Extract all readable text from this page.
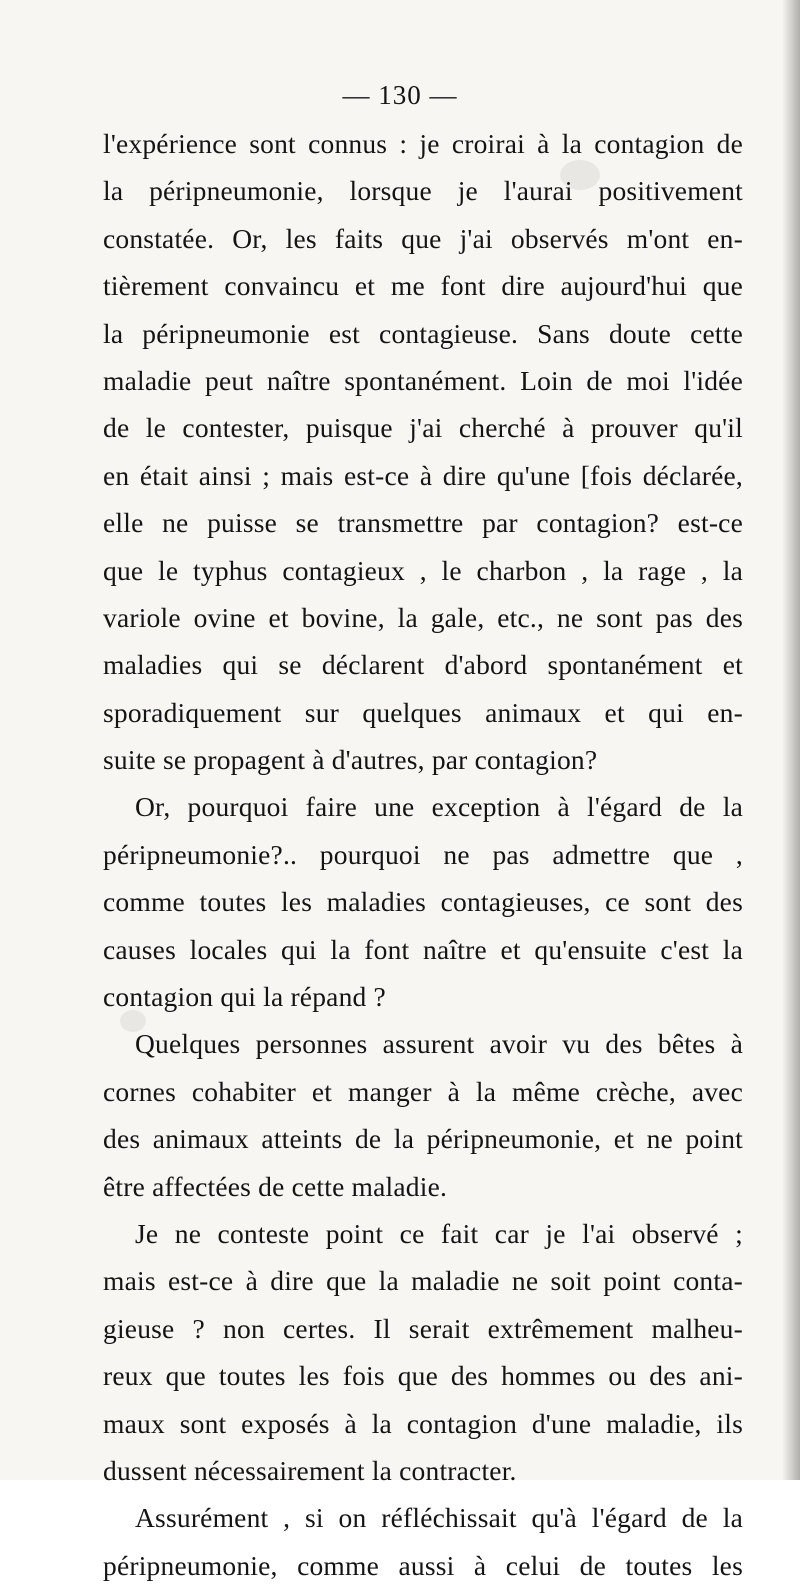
— 130 —
l'expérience sont connus : je croirai à la contagion de
la péripneumonie, lorsque je l'aurai positivement
constatée. Or, les faits que j'ai observés m'ont en-
tièrement convaincu et me font dire aujourd'hui que
la péripneumonie est contagieuse. Sans doute cette
maladie peut naître spontanément. Loin de moi l'idée
de le contester, puisque j'ai cherché à prouver qu'il
en était ainsi ; mais est-ce à dire qu'une [fois déclarée,
elle ne puisse se transmettre par contagion? est-ce
que le typhus contagieux , le charbon , la rage , la
variole ovine et bovine, la gale, etc., ne sont pas des
maladies qui se déclarent d'abord spontanément et
sporadiquement sur quelques animaux et qui en-
suite se propagent à d'autres, par contagion?
Or, pourquoi faire une exception à l'égard de la
péripneumonie?.. pourquoi ne pas admettre que ,
comme toutes les maladies contagieuses, ce sont des
causes locales qui la font naître et qu'ensuite c'est la
contagion qui la répand ?
Quelques personnes assurent avoir vu des bêtes à
cornes cohabiter et manger à la même crèche, avec
des animaux atteints de la péripneumonie, et ne point
être affectées de cette maladie.
Je ne conteste point ce fait car je l'ai observé ;
mais est-ce à dire que la maladie ne soit point conta-
gieuse ? non certes. Il serait extrêmement malheu-
reux que toutes les fois que des hommes ou des ani-
maux sont exposés à la contagion d'une maladie, ils
dussent nécessairement la contracter.
Assurément , si on réfléchissait qu'à l'égard de la
péripneumonie, comme aussi à celui de toutes les
